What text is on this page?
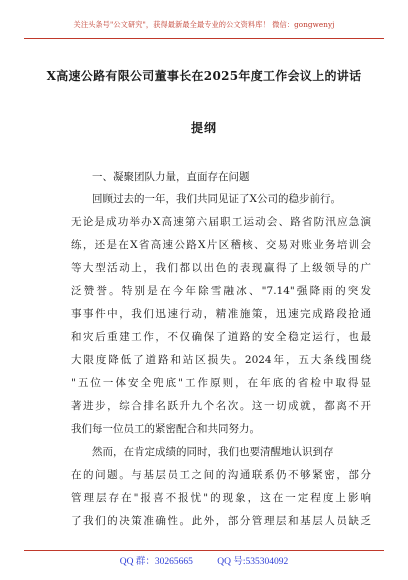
关注头条号"公文研究"，获得最新最全最专业的公文资料库！ 微信：gongwenyj
X高速公路有限公司董事长在2025年度工作会议上的讲话
提纲
一、凝聚团队力量，直面存在问题
回顾过去的一年，我们共同见证了X公司的稳步前行。
无论是成功举办X高速第六届职工运动会、路省防汛应急演
练，还是在X省高速公路X片区稽核、交易对账业务培训会
等大型活动上，我们都以出色的表现赢得了上级领导的广
泛赞誉。特别是在今年除雪融冰、"7.14"强降雨的突发
事事件中，我们迅速行动，精准施策，迅速完成路段抢通
和灾后重建工作，不仅确保了道路的安全稳定运行，也最
大限度降低了道路和站区损失。2024年，五大条线围绕
"五位一体安全兜底"工作原则，在年底的省检中取得显
著进步，综合排名跃升九个名次。这一切成就，都离不开
我们每一位员工的紧密配合和共同努力。
然而，在肯定成绩的同时，我们也要清醒地认识到存
在的问题。与基层员工之间的沟通联系仍不够紧密，部分
管理层存在"报喜不报忧"的现象，这在一定程度上影响
了我们的决策准确性。此外，部分管理层和基层人员缺乏
QQ 群：30265665	QQ 号:535304092
